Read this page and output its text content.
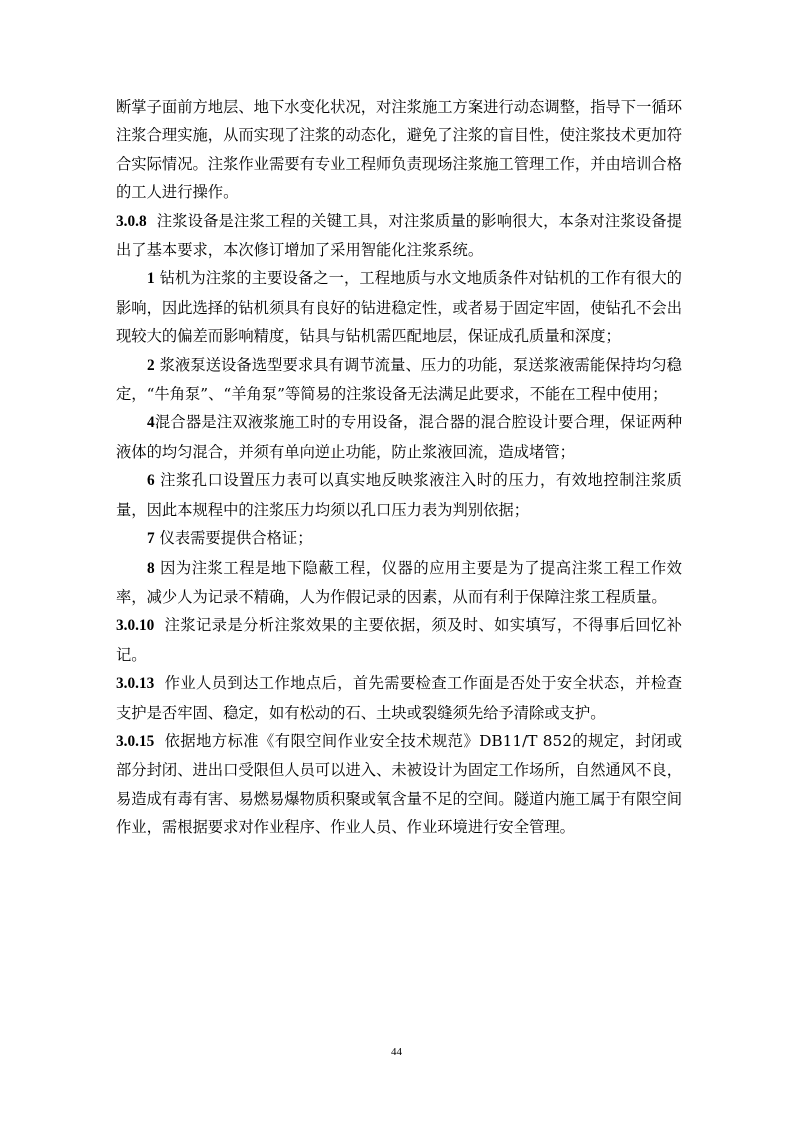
断掌子面前方地层、地下水变化状况，对注浆施工方案进行动态调整，指导下一循环注浆合理实施，从而实现了注浆的动态化，避免了注浆的盲目性，使注浆技术更加符合实际情况。注浆作业需要有专业工程师负责现场注浆施工管理工作，并由培训合格的工人进行操作。

3.0.8 注浆设备是注浆工程的关键工具，对注浆质量的影响很大，本条对注浆设备提出了基本要求，本次修订增加了采用智能化注浆系统。

1 钻机为注浆的主要设备之一，工程地质与水文地质条件对钻机的工作有很大的影响，因此选择的钻机须具有良好的钻进稳定性，或者易于固定牢固，使钻孔不会出现较大的偏差而影响精度，钻具与钻机需匹配地层，保证成孔质量和深度；

2 浆液泵送设备选型要求具有调节流量、压力的功能，泵送浆液需能保持均匀稳定，“牛角泵”、“羊角泵”等简易的注浆设备无法满足此要求，不能在工程中使用；

4混合器是注双液浆施工时的专用设备，混合器的混合腔设计要合理，保证两种液体的均匀混合，并须有单向逆止功能，防止浆液回流，造成堵管；

6 注浆孔口设置压力表可以真实地反映浆液注入时的压力，有效地控制注浆质量，因此本规程中的注浆压力均须以孔口压力表为判别依据；

7 仪表需要提供合格证；

8 因为注浆工程是地下隐蔽工程，仪器的应用主要是为了提高注浆工程工作效率，减少人为记录不精确，人为作假记录的因素，从而有利于保障注浆工程质量。

3.0.10 注浆记录是分析注浆效果的主要依据，须及时、如实填写，不得事后回忆补记。

3.0.13 作业人员到达工作地点后，首先需要检查工作面是否处于安全状态，并检查支护是否牢固、稳定，如有松动的石、土块或裂缝须先给予清除或支护。

3.0.15 依据地方标准《有限空间作业安全技术规范》DB11/T 852的规定，封闭或部分封闭、进出口受限但人员可以进入、未被设计为固定工作场所，自然通风不良，易造成有毒有害、易燃易爆物质积聚或氧含量不足的空间。隧道内施工属于有限空间作业，需根据要求对作业程序、作业人员、作业环境进行安全管理。

44
